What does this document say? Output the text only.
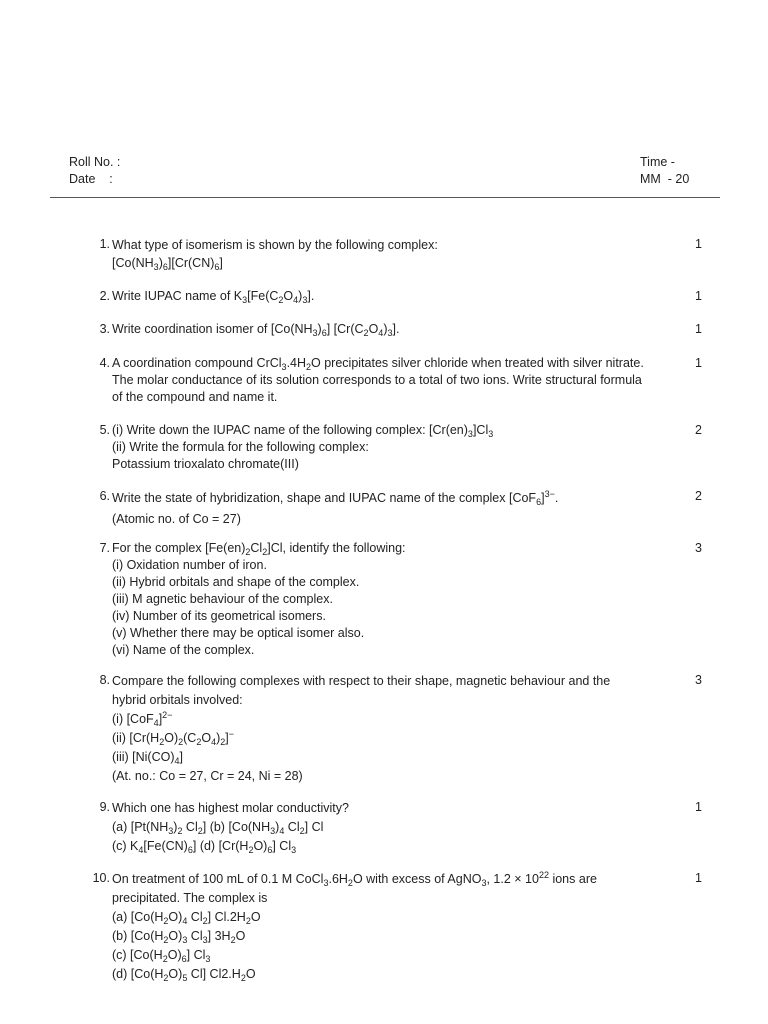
Roll No. :
Date    :
Time -
MM  - 20
1. What type of isomerism is shown by the following complex:
$[Co(NH_3)_6][Cr(CN)_6]$
1
2. Write IUPAC name of $K_3[Fe(C_2O_4)_3]$.	1
3. Write coordination isomer of $[Co(NH_3)_6]$ $[Cr(C_2O_4)_3]$.	1
4. A coordination compound $CrCl_3.4H_2O$ precipitates silver chloride when treated with silver nitrate.
The molar conductance of its solution corresponds to a total of two ions. Write structural formula
of the compound and name it.
1
5. (i) Write down the IUPAC name of the following complex: $[Cr(en)_3]Cl_3$
(ii) Write the formula for the following complex:
Potassium trioxalato chromate(III)
2
6. Write the state of hybridization, shape and IUPAC name of the complex $[CoF_6]^{3-}$.
(Atomic no. of Co = 27)
2
7. For the complex $[Fe(en)_2Cl_2]Cl$, identify the following:
(i) Oxidation number of iron.
(ii) Hybrid orbitals and shape of the complex.
(iii) M agnetic behaviour of the complex.
(iv) Number of its geometrical isomers.
(v) Whether there may be optical isomer also.
(vi) Name of the complex.
3
8. Compare the following complexes with respect to their shape, magnetic behaviour and the
hybrid orbitals involved:
(i) $[CoF_4]^{2-}$
(ii) $[Cr(H_2O)_2(C_2O_4)_2]^-$
(iii) $[Ni(CO)_4]$
(At. no.: Co = 27, Cr = 24, Ni = 28)
3
9. Which one has highest molar conductivity?
(a) [$Pt(NH_3)_2$ $Cl_2$] (b) [$Co(NH_3)_4$ $Cl_2$] Cl
(c) $K_4[Fe(CN)_6]$ (d) $[Cr(H_2O)_6]$ $Cl_3$
1
10. On treatment of 100 mL of 0.1 M $CoCl_3.6H_2O$ with excess of AgNO$_3$, $1.2 \times 10^{22}$ ions are
precipitated. The complex is
(a) [$Co(H_2O)_4$ $Cl_2$] $Cl.2H_2O$
(b) [$Co(H_2O)_3$ $Cl_3$] $3H_2O$
(c) $[Co(H_2O)_6]$ $Cl_3$
(d) [$Co(H_2O)_5$ Cl] $Cl2.H_2O$
1
